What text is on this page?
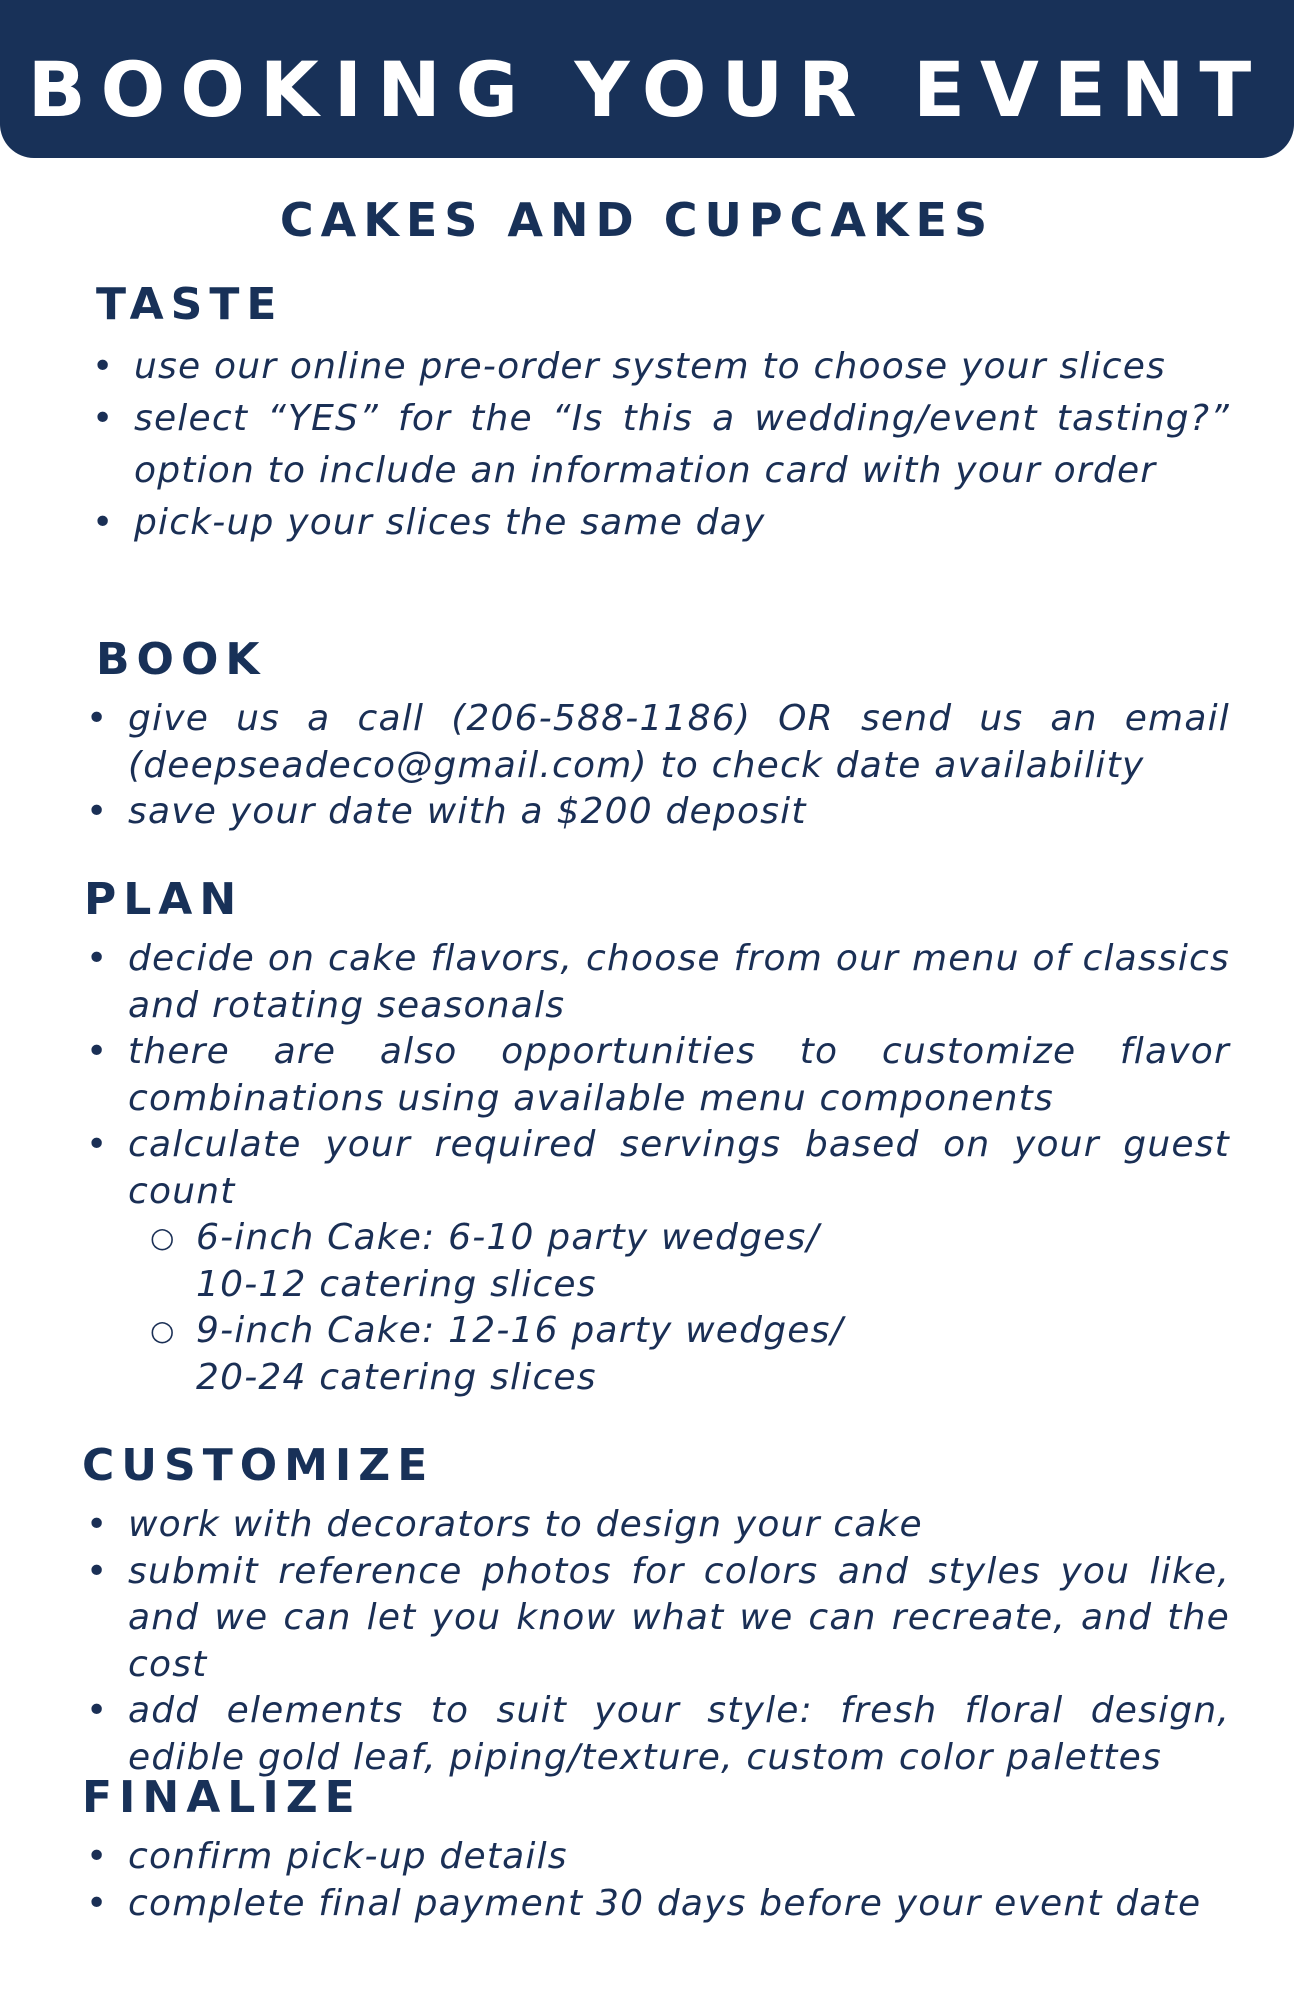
BOOKING YOUR EVENT
CAKES AND CUPCAKES
TASTE
• use our online pre-order system to choose your slices
• select “YES” for the “Is this a wedding/event tasting?” option to include an information card with your order
• pick-up your slices the same day
BOOK
• give us a call (206-588-1186) OR send us an email (deepseadeco@gmail.com) to check date availability
• save your date with a $200 deposit
PLAN
• decide on cake flavors, choose from our menu of classics and rotating seasonals
• there are also opportunities to customize flavor combinations using available menu components
• calculate your required servings based on your guest count
○ 6-inch Cake: 6-10 party wedges/
10-12 catering slices
○ 9-inch Cake: 12-16 party wedges/
20-24 catering slices
CUSTOMIZE
• work with decorators to design your cake
• submit reference photos for colors and styles you like, and we can let you know what we can recreate, and the cost
• add elements to suit your style: fresh floral design, edible gold leaf, piping/texture, custom color palettes
FINALIZE
• confirm pick-up details
• complete final payment 30 days before your event date
